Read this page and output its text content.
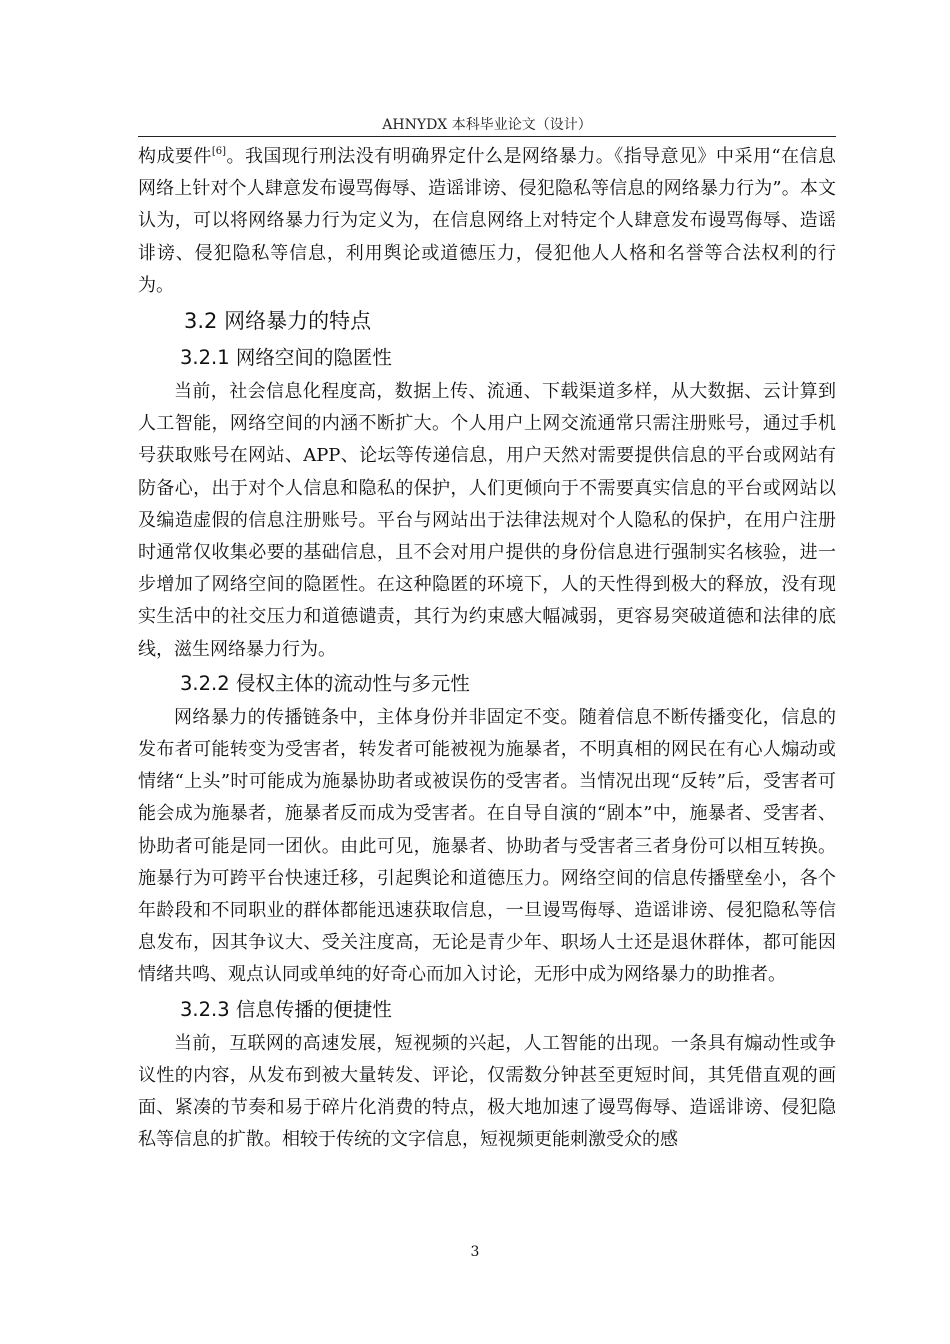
AHNYDX 本科毕业论文（设计）

构成要件[6]。我国现行刑法没有明确界定什么是网络暴力。《指导意见》中采用“在信息网络上针对个人肆意发布谩骂侮辱、造谣诽谤、侵犯隐私等信息的网络暴力行为”。本文认为，可以将网络暴力行为定义为，在信息网络上对特定个人肆意发布谩骂侮辱、造谣诽谤、侵犯隐私等信息，利用舆论或道德压力，侵犯他人人格和名誉等合法权利的行为。

3.2 网络暴力的特点
3.2.1 网络空间的隐匿性

当前，社会信息化程度高，数据上传、流通、下载渠道多样，从大数据、云计算到人工智能，网络空间的内涵不断扩大。个人用户上网交流通常只需注册账号，通过手机号获取账号在网站、APP、论坛等传递信息，用户天然对需要提供信息的平台或网站有防备心，出于对个人信息和隐私的保护，人们更倾向于不需要真实信息的平台或网站以及编造虚假的信息注册账号。平台与网站出于法律法规对个人隐私的保护，在用户注册时通常仅收集必要的基础信息，且不会对用户提供的身份信息进行强制实名核验，进一步增加了网络空间的隐匿性。在这种隐匿的环境下，人的天性得到极大的释放，没有现实生活中的社交压力和道德谴责，其行为约束感大幅减弱，更容易突破道德和法律的底线，滋生网络暴力行为。

3.2.2 侵权主体的流动性与多元性

网络暴力的传播链条中，主体身份并非固定不变。随着信息不断传播变化，信息的发布者可能转变为受害者，转发者可能被视为施暴者，不明真相的网民在有心人煽动或情绪“上头”时可能成为施暴协助者或被误伤的受害者。当情况出现“反转”后，受害者可能会成为施暴者，施暴者反而成为受害者。在自导自演的“剧本”中，施暴者、受害者、协助者可能是同一团伙。由此可见，施暴者、协助者与受害者三者身份可以相互转换。施暴行为可跨平台快速迁移，引起舆论和道德压力。网络空间的信息传播壁垒小，各个年龄段和不同职业的群体都能迅速获取信息，一旦谩骂侮辱、造谣诽谤、侵犯隐私等信息发布，因其争议大、受关注度高，无论是青少年、职场人士还是退休群体，都可能因情绪共鸣、观点认同或单纯的好奇心而加入讨论，无形中成为网络暴力的助推者。

3.2.3 信息传播的便捷性

当前，互联网的高速发展，短视频的兴起，人工智能的出现。一条具有煽动性或争议性的内容，从发布到被大量转发、评论，仅需数分钟甚至更短时间，其凭借直观的画面、紧凑的节奏和易于碎片化消费的特点，极大地加速了谩骂侮辱、造谣诽谤、侵犯隐私等信息的扩散。相较于传统的文字信息，短视频更能刺激受众的感

3
